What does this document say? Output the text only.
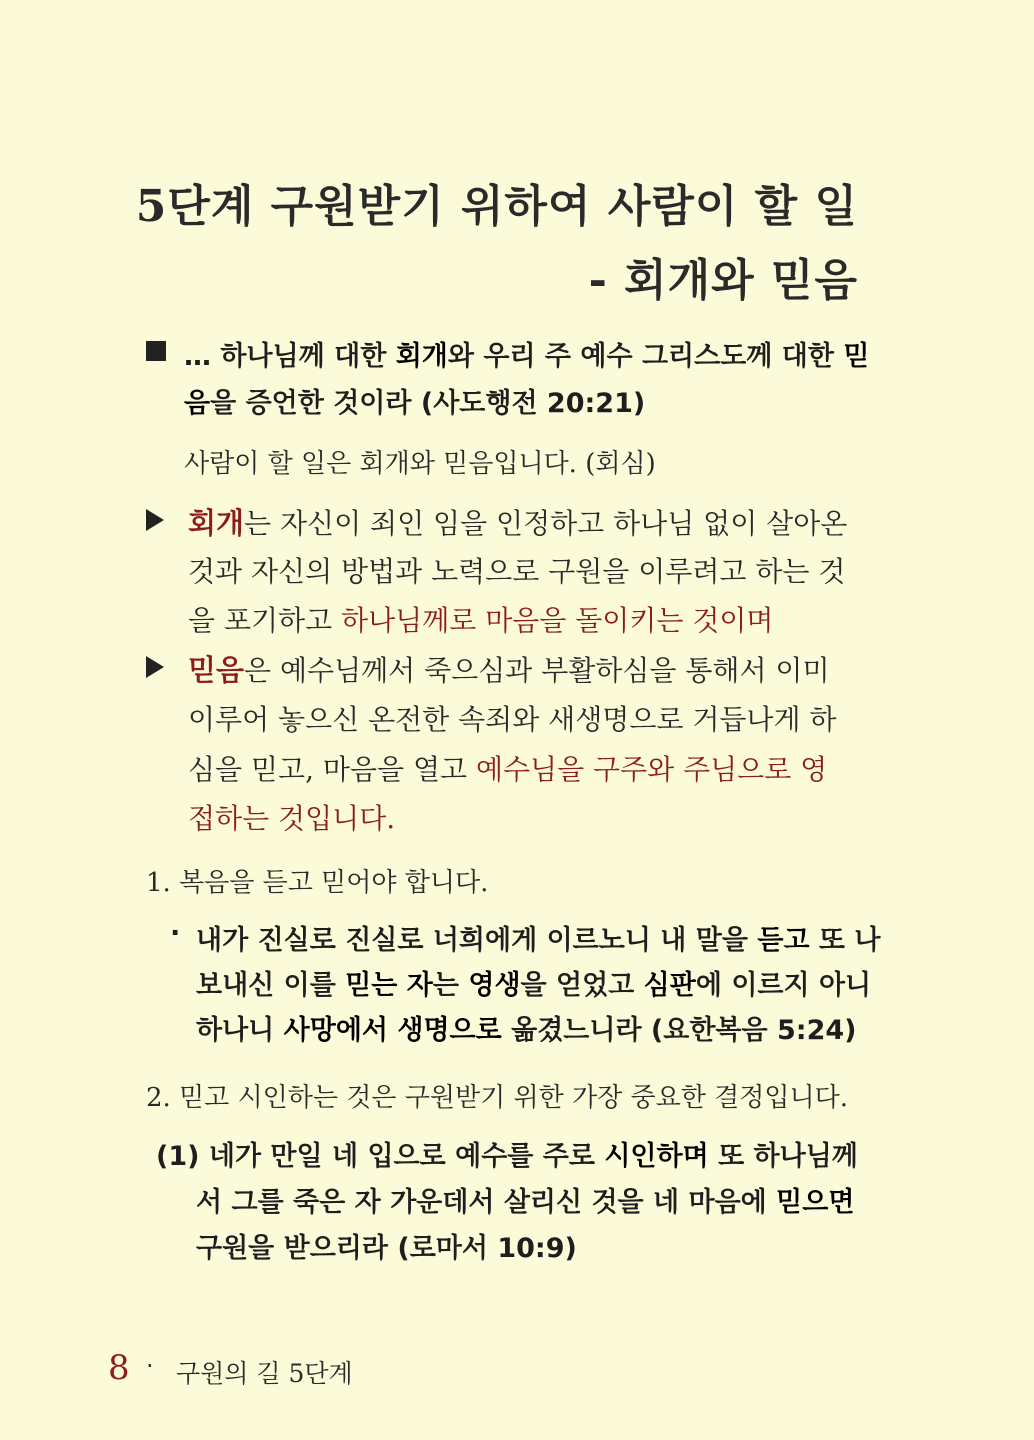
5단계 구원받기 위하여 사람이 할 일
- 회개와 믿음
… 하나님께 대한 회개와 우리 주 예수 그리스도께 대한 믿
음을 증언한 것이라 (사도행전 20:21)
사람이 할 일은 회개와 믿음입니다. (회심)
회개는 자신이 죄인 임을 인정하고 하나님 없이 살아온
것과 자신의 방법과 노력으로 구원을 이루려고 하는 것
을 포기하고 하나님께로 마음을 돌이키는 것이며
믿음은 예수님께서 죽으심과 부활하심을 통해서 이미
이루어 놓으신 온전한 속죄와 새생명으로 거듭나게 하
심을 믿고, 마음을 열고 예수님을 구주와 주님으로 영
접하는 것입니다.
1. 복음을 듣고 믿어야 합니다.
· 내가 진실로 진실로 너희에게 이르노니 내 말을 듣고 또 나
보내신 이를 믿는 자는 영생을 얻었고 심판에 이르지 아니
하나니 사망에서 생명으로 옮겼느니라 (요한복음 5:24)
2. 믿고 시인하는 것은 구원받기 위한 가장 중요한 결정입니다.
(1) 네가 만일 네 입으로 예수를 주로 시인하며 또 하나님께
서 그를 죽은 자 가운데서 살리신 것을 네 마음에 믿으면
구원을 받으리라 (로마서 10:9)
8 · 구원의 길 5단계
